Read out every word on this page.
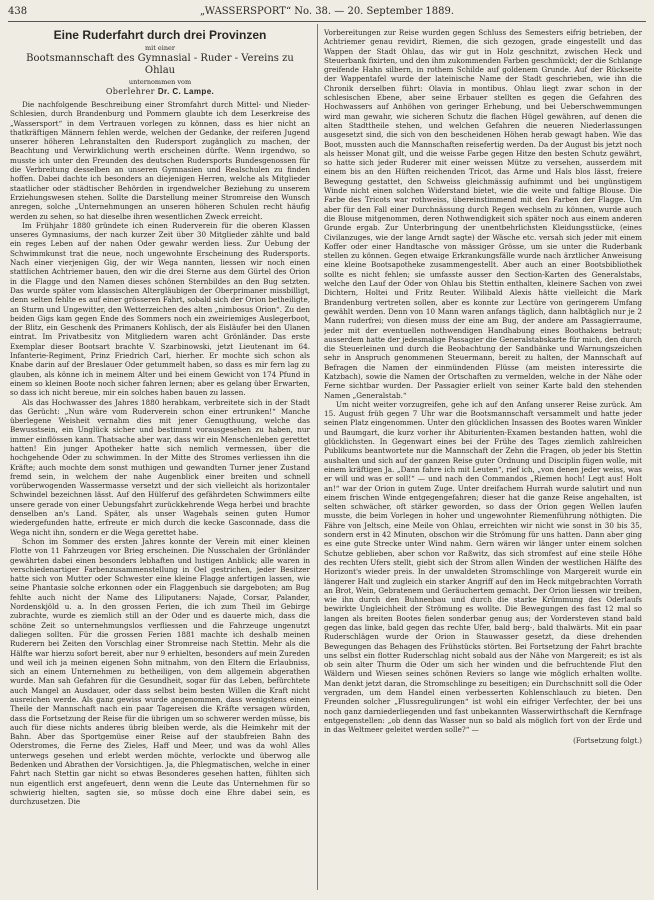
438	„WASSERSPORT“ No. 38. — 20. September 1889.
Eine Ruderfahrt durch drei Provinzen
mit einer
Bootsmannschaft des Gymnasial - Ruder - Vereins zu Ohlau
unternommen vom
Oberlehrer Dr. C. Lampe.

Die nachfolgende Beschreibung einer Stromfahrt durch Mittel- und Nieder-Schlesien, durch Brandenburg und Pommern glaubte ich dem Leserkreise des „Wassersport“ in dem Vertrauen vorlegen zu können, dass es hier nicht an thatkräftigen Männern fehlen werde, welchen der Gedanke, der reiferen Jugend unserer höheren Lehranstalten den Rudersport zugänglich zu machen, der Beachtung und Verwirklichung werth erscheinen dürfte. Wenn irgendwo, so musste ich unter den Freunden des deutschen Rudersports Bundesgenossen für die Verbreitung desselben an unseren Gymnasien und Realschulen zu finden hoffen. Dabei dachte ich besonders an diejenigen Herren, welche als Mitglieder staatlicher oder städtischer Behörden in irgendwelcher Beziehung zu unserem Erziehungswesen stehen. Sollte die Darstellung meiner Stromreise den Wunsch anregen, solche „Unternehmungen an unseren höheren Schulen recht häufig werden zu sehen, so hat dieselbe ihren wesentlichen Zweck erreicht.

Im Frühjahr 1880 gründete ich einen Ruderverein für die oberen Klassen unseres Gymnasiums, der nach kurzer Zeit über 30 Mitglieder zählte und bald ein reges Leben auf der nahen Oder gewahr werden liess. Zur Uebung der Schwimmkunst trat die neue, noch ungewohnte Erscheinung des Rudersports. Nach einer vierjenigen Gig, der wir Wega nannten, liessen wir noch einen stattlichen Achtriemer bauen, den wir die drei Sterne aus dem Gürtel des Orion in die Flagge und den Namen dieses schönen Sternbildes an den Bug setzten. Das wurde später vom klassischen Altergläubigen der Oberprimaner missbilligt, denn selten fehlte es auf einer grösseren Fahrt, sobald sich der Orion betheiligte, an Sturm und Ungewitter, den Wetterzeichen des alten „nimbosus Orion“. Zu den beiden Gigs kam gegen Ende des Sommers noch ein zweiriemiges Auslegerboot, der Blitz, ein Geschenk des Primaners Kohlisch, der als Eisläufer bei den Ulanen eintrat. Im Privatbesitz von Mitgliedern waren acht Grönländer. Das erste Exemplar dieser Bootsart brachte V. Szarbinowski, jetzt Lieutenant im 64. Infanterie-Regiment, Prinz Friedrich Carl, hierher. Er mochte sich schon als Knabe darin auf der Breslauer Oder getummelt haben, so dass es mir fern lag zu glauben, als könne ich in meinem Alter und bei einem Gewicht von 174 Pfund in einem so kleinen Boote noch sicher fahren lernen; aber es gelang über Erwarten, so dass ich nicht bereue, mir ein solches haben bauen zu lassen.

Als das Hochwasser des Jahres 1880 herabkam, verbreitete sich in der Stadt das Gerücht: „Nun wäre vom Ruderverein schon einer ertrunken!“ Manche überlegene Weisheit vernahm dies mit jener Genugthuung, welche das Bewusstsein, ein Unglück sicher und bestimmt vorausgesehen zu haben, nur immer einflössen kann. Thatsache aber war, dass wir ein Menschenleben gerettet hatten! Ein junger Apotheker hatte sich nemlich vermessen, über die hochgehende Oder zu schwimmen. In der Mitte des Stromes verliessen ihn die Kräfte; auch mochte dem sonst muthigen und gewandten Turner jener Zustand fremd sein, in welchem der nahe Augenblick einer breiten und schnell vorüberwogenden Wassermasse versetzt und der sich vielleicht als horizontaler Schwindel bezeichnen lässt. Auf den Hülferuf des gefährdeten Schwimmers eilte unsere gerade von einer Uebungsfahrt zurückkehrende Wega herbei und brachte denselben an's Land. Später, als unser Wagehals seinen guten Humor wiedergefunden hatte, erfreute er mich durch die kecke Gasconnade, dass die Wega nicht ihn, sondern er die Wega gerettet habe.

Schon im Sommer des ersten Jahres konnte der Verein mit einer kleinen Flotte von 11 Fahrzeugen vor Brieg erscheinen. Die Nusschalen der Grönländer gewährten dabei einen besonders lebhaften und lustigen Anblick; alle waren in verschiedenartiger Farbenzusammenstellung in Oel gestrichen, jeder Besitzer hatte sich von Mutter oder Schwester eine kleine Flagge anfertigen lassen, wie seine Phantasie solche erkonnen oder ein Flaggenbuch sie dargeboten; am Bug fehlte auch nicht der Name des Liliputaners: Najade, Corsar, Palander, Nordenskjöld u. a. In den grossen Ferien, die ich zum Theil im Gebirge zubrachte, wurde es ziemlich still an der Oder und es dauerte mich, dass die schöne Zeit so unternehmungslos verfliessen und die Fahrzeuge ungenutzt daliegen sollten. Für die grossen Ferien 1881 machte ich deshalb meinen Ruderern bei Zeiten den Vorschlag einer Stromreise nach Stettin. Mehr als die Hälfte war hierzu sofort bereit, aber nur 9 erhielten, besonders auf mein Zureden und weil ich ja meinen eigenen Sohn mitnahm, von den Eltern die Erlaubniss, sich an einem Unternehmen zu betheiligen, von dem allgemein abgerathen wurde. Man sah Gefahren für die Gesundheit, sogar für das Leben, befürchtete auch Mangel an Ausdauer, oder dass selbst beim besten Willen die Kraft nicht ausreichen werde. Als ganz gewiss wurde angenommen, dass wenigstens einen Theile der Mannschaft nach ein paar Tagereisen die Kräfte versagen würden, dass die Fortsetzung der Reise für die übrigen um so schwerer werden müsse, bis auch für diese nichts anderes übrig bleiben werde, als die Heimkehr mit der Bahn. Aber das Sportgemüse einer Reise auf der staubfreien Bahn des Oderstromes, die Ferne des Zieles, Haff und Meer, und was da wohl Alles unterwegs gesehen und erlebt werden möchte, verlockte und überwog alle Bedenken und Abrathen der Vorsichtigen. Ja, die Phlegmatischen, welche in einer Fahrt nach Stettin gar nicht so etwas Besonderes gesehen hatten, fühlten sich nun eigentlich erst angefeuert, denn wenn die Leute das Unternehmen für so schwierig hielten, sagten sie, so müsse doch eine Ehre dabei sein, es durchzusetzen. Die

Vorbereitungen zur Reise wurden gegen Schluss des Semesters eifrig betrieben, der Achtriemer genau revidirt, Riemen, die sich gezogen, grade eingestellt und das Wappen der Stadt Ohlau, das wir gut in Holz geschnitzt, zwischen Heck und Steuerbank fixirten, und den ihm zukommenden Farben geschmückt; der die Schlange greifende Hahn silbern, in rothem Schilde auf goldenem Grunde. Auf der Rückseite der Wappentafel wurde der lateinische Name der Stadt geschrieben, wie ihn die Chronik derselben führt: Olavia in montibus. Ohlau liegt zwar schon in der schlesischen Ebene, aber seine Erbauer stellten es gegen die Gefahren des Hochwassers auf Anhöhen von geringer Erhebung, und bei Ueberschwemmungen wird man gewahr, wie sicheren Schutz die flachen Hügel gewähren, auf denen die alten Stadttheile stehen, und welchen Gefahren die neueren Niederlassungen ausgesetzt sind, die sich von den bescheidenen Höhen herab gewagt haben. Wie das Boot, mussten auch die Mannschaften reisefertig werden. Da der August bis jetzt noch als heisser Monat gilt, und die weisse Farbe gegen Hitze den besten Schutz gewährt, so hatte sich jeder Ruderer mit einer weissen Mütze zu versehen, ausserdem mit einem bis an den Hüften reichenden Tricot, das Arme und Hals blos lässt, freiere Bewegung gestattet, den Schweiss gleichmässig aufnimmt und bei ungünstigem Winde nicht einen solchen Widerstand bietet, wie die weite und faltige Blouse. Die Farbe des Tricots war rothweiss, übereinstimmend mit den Farben der Flagge. Um aber für den Fall einer Durchnässung durch Regen wechseln zu können, wurde auch die Blouse mitgenommen, deren Nothwendigkeit sich später noch aus einem anderen Grunde ergab. Zur Unterbringung der unentbehrlichsten Kleidungsstücke, (eines Civilanzuges, wie der lange Arndt sagte) der Wäsche etc. versah sich jeder mit einem Koffer oder einer Handtasche von mässiger Grösse, um sie unter die Ruderbank stellen zu können. Gegen etwaige Erkrankungsfälle wurde nach ärztlicher Anweisung eine kleine Bootsapotheke zusammengestellt. Aber auch an einer Bootsbibliothek sollte es nicht fehlen; sie umfasste ausser den Section-Karten des Generalstabs, welche den Lauf der Oder von Ohlau bis Stettin enthalten, kleinere Sachen von zwei Dichtern, Holtei und Fritz Reuter. Wilibald Alexis hätte vielleicht die Mark Brandenburg vertreten sollen, aber es konnte zur Lectüre von geringerem Umfang gewählt werden. Denn von 10 Mann waren anfangs täglich, dann halbtäglich nur je 2 Mann ruderfrei; von diesen muss der eine am Bug, der andere am Passagierraume, jeder mit der eventuellen nothwendigen Handhabung eines Boothakens betraut; ausserdem hatte der jedesmalige Passagier die Generalstabskarte für mich, den durch die Steuerleinen und durch die Beobachtung der Sandbänke und Warnungszeichen sehr in Anspruch genommenen Steuermann, bereit zu halten, der Mannschaft auf Befragen die Namen der einmündenden Flüsse (am meisten interessirte die Katzbach), sowie die Namen der Ortschaften zu vermelden, welche in der Nähe oder Ferne sichtbar wurden. Der Passagier erlielt von seiner Karte bald den stehenden Namen „Generalstab.“

Um nicht weiter vorzugreifen, gehe ich auf den Anfang unserer Reise zurück. Am 15. August früh gegen 7 Uhr war die Bootsmannschaft versammelt und hatte jeder seinen Platz eingenommen. Unter den glücklichen Insassen des Bootes waren Winkler und Baumgart, die kurz vorher ihr Abiturienten-Examen bestanden hatten, wohl die glücklichsten. In Gegenwart eines bei der Frühe des Tages ziemlich zahlreichen Publikums beantwortete nur die Mannschaft der Zehn die Fragen, ob jeder bis Stettin aushalten und sich auf der ganzen Reise guter Ordnung und Disciplin fügen wolle, mit einem kräftigen Ja. „Dann fahre ich mit Leuten“, rief ich, „von denen jeder weiss, was er will und was er soll!“ — und nach den Commandos „Riemen hoch! Legt aus! Holt an!“ war der Orion in gutem Zuge. Unter dreifachem Hurrah wurde salutirt und nun einem frischen Winde entgegengefahren; dieser hat die ganze Reise angehalten, ist selten schwächer, oft stärker geworden, so dass der Orion gegen Wellen laufen musste, die beim Vorlegen in hoher und ungewohnter Riemenführung nöthigten. Die Fähre von Jeltsch, eine Meile von Ohlau, erreichten wir nicht wie sonst in 30 bis 35, sondern erst in 42 Minuten, obschon wir die Strömung für uns hatten. Dann aber ging es eine gute Strecke unter Wind nahm. Gern wären wir länger unter einem solchen Schutze geblieben, aber schon vor Raßwitz, das sich stromfest auf eine steile Höhe des rechten Ufers stellt, giebt sich der Strom allen Winden der westlichen Hälfte des Horizont's wieder preis. In der unwaldeten Stromschlinge von Margereit wurde ein längerer Halt und zugleich ein starker Angriff auf den im Heck mitgebrachten Vorrath an Brot, Wein, Gebratenem und Geräuchertem gemacht. Der Orion liessen wir treiben, wie ihn durch den Buhnenbau und durch die starke Krümmung des Oderlaufs bewirkte Ungleichheit der Strömung es wollte. Die Bewegungen des fast 12 mal so langen als breiten Bootes fielen sonderbar genug aus; der Vordersteven stand bald gegen das linke, bald gegen das rechte Ufer, bald berg-, bald thalwärts. Mit ein paar Ruderschlägen wurde der Orion in Stauwasser gesetzt, da diese drehenden Bewegungen das Behagen des Frühstücks störten. Bei Fortsetzung der Fahrt brachte uns selbst ein flotter Ruderschlag nicht sobald aus der Nähe von Margereit; es ist als ob sein alter Thurm die Oder um sich her winden und die befruchtende Flut den Wäldern und Wiesen seines schönen Reviers so lange wie möglich erhalten wollte. Man denkt jetzt daran, die Stromschlinge zu beseitigen; ein Durchschnitt soll die Oder vergraden, um dem Handel einen verbesserten Kohlenschlauch zu bieten. Den Freunden solcher „Flussregulirungen“ ist wohl ein eifriger Verfechter, der bei uns noch ganz darniederliegenden und fast unbekannten Wasserwirthschaft die Kernfrage entgegenstellen: „ob denn das Wasser nun so bald als möglich fort von der Erde und in das Weltmeer geleitet werden solle?“ —

(Fortsetzung folgt.)
